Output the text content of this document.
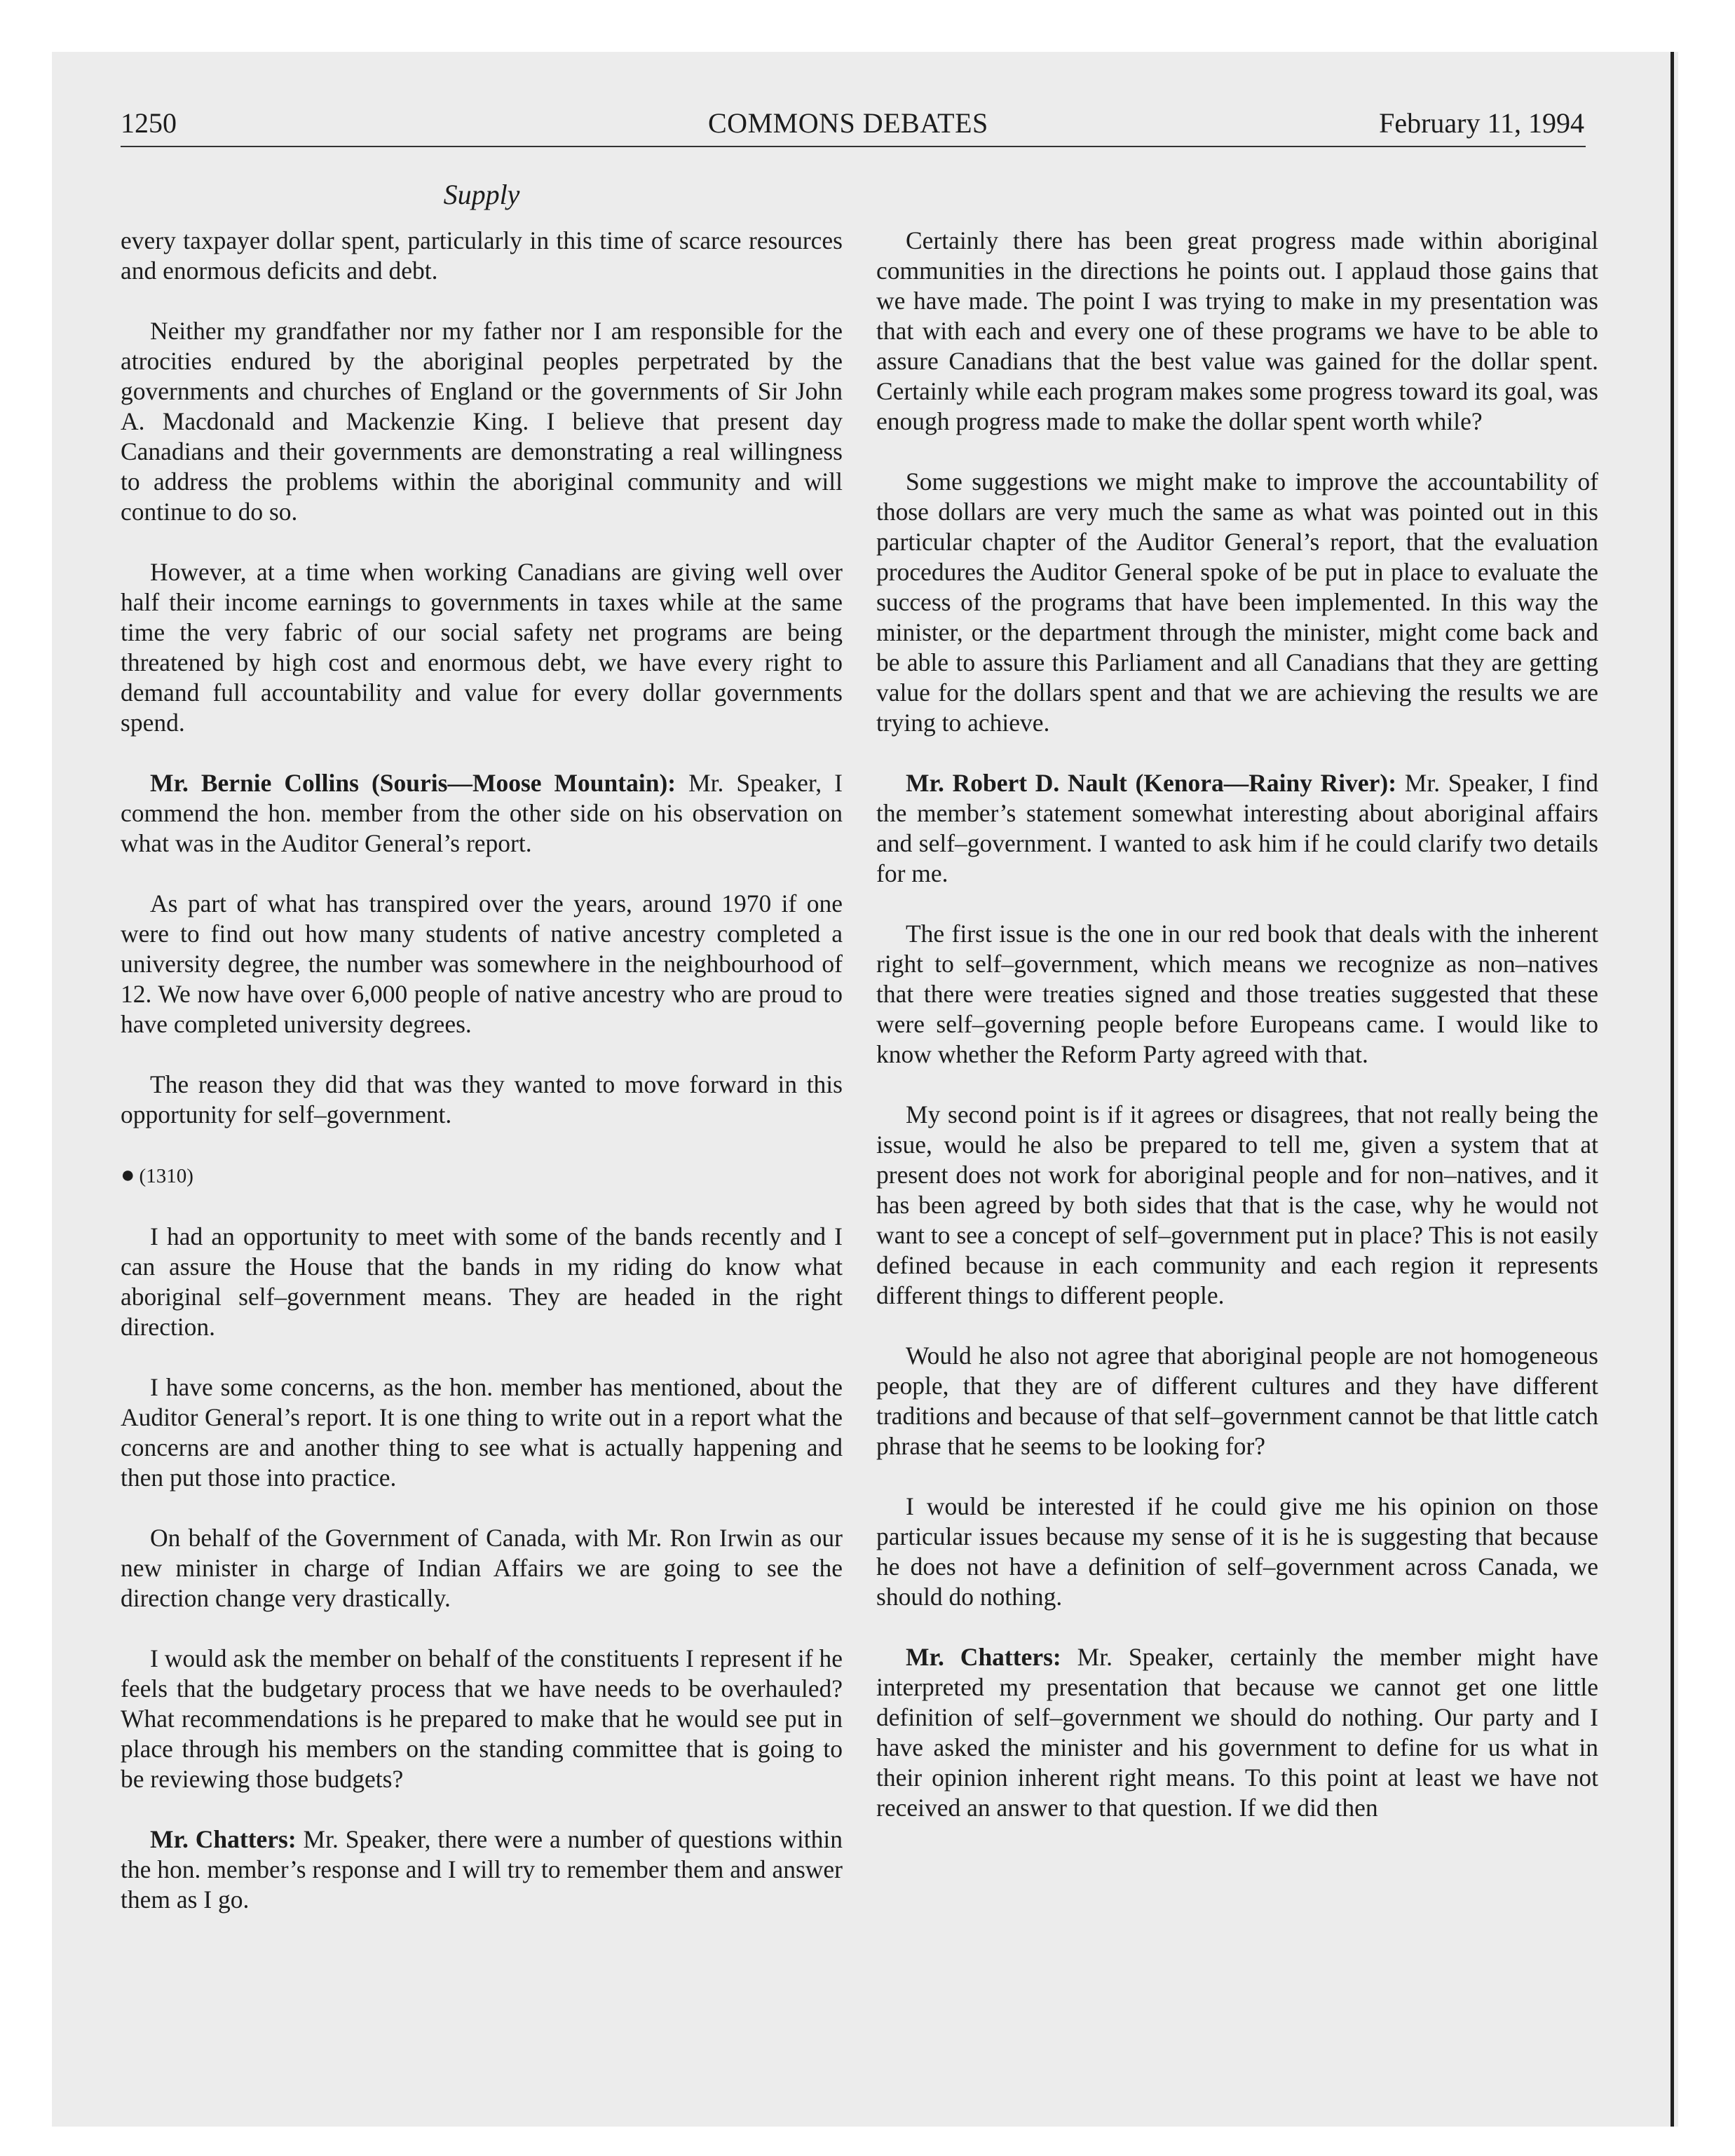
1250	COMMONS DEBATES	February 11, 1994
Supply

every taxpayer dollar spent, particularly in this time of scarce resources and enormous deficits and debt.

Neither my grandfather nor my father nor I am responsible for the atrocities endured by the aboriginal peoples perpetrated by the governments and churches of England or the governments of Sir John A. Macdonald and Mackenzie King. I believe that present day Canadians and their governments are demonstrating a real willingness to address the problems within the aboriginal community and will continue to do so.

However, at a time when working Canadians are giving well over half their income earnings to governments in taxes while at the same time the very fabric of our social safety net programs are being threatened by high cost and enormous debt, we have every right to demand full accountability and value for every dollar governments spend.

Mr. Bernie Collins (Souris—Moose Mountain): Mr. Speaker, I commend the hon. member from the other side on his observation on what was in the Auditor General’s report.

As part of what has transpired over the years, around 1970 if one were to find out how many students of native ancestry completed a university degree, the number was somewhere in the neighbourhood of 12. We now have over 6,000 people of native ancestry who are proud to have completed university degrees.

The reason they did that was they wanted to move forward in this opportunity for self–government.

● (1310)

I had an opportunity to meet with some of the bands recently and I can assure the House that the bands in my riding do know what aboriginal self–government means. They are headed in the right direction.

I have some concerns, as the hon. member has mentioned, about the Auditor General’s report. It is one thing to write out in a report what the concerns are and another thing to see what is actually happening and then put those into practice.

On behalf of the Government of Canada, with Mr. Ron Irwin as our new minister in charge of Indian Affairs we are going to see the direction change very drastically.

I would ask the member on behalf of the constituents I represent if he feels that the budgetary process that we have needs to be overhauled? What recommendations is he prepared to make that he would see put in place through his members on the standing committee that is going to be reviewing those budgets?

Mr. Chatters: Mr. Speaker, there were a number of questions within the hon. member’s response and I will try to remember them and answer them as I go.

Certainly there has been great progress made within aboriginal communities in the directions he points out. I applaud those gains that we have made. The point I was trying to make in my presentation was that with each and every one of these programs we have to be able to assure Canadians that the best value was gained for the dollar spent. Certainly while each program makes some progress toward its goal, was enough progress made to make the dollar spent worth while?

Some suggestions we might make to improve the accountability of those dollars are very much the same as what was pointed out in this particular chapter of the Auditor General’s report, that the evaluation procedures the Auditor General spoke of be put in place to evaluate the success of the programs that have been implemented. In this way the minister, or the department through the minister, might come back and be able to assure this Parliament and all Canadians that they are getting value for the dollars spent and that we are achieving the results we are trying to achieve.

Mr. Robert D. Nault (Kenora—Rainy River): Mr. Speaker, I find the member’s statement somewhat interesting about aboriginal affairs and self–government. I wanted to ask him if he could clarify two details for me.

The first issue is the one in our red book that deals with the inherent right to self–government, which means we recognize as non–natives that there were treaties signed and those treaties suggested that these were self–governing people before Europeans came. I would like to know whether the Reform Party agreed with that.

My second point is if it agrees or disagrees, that not really being the issue, would he also be prepared to tell me, given a system that at present does not work for aboriginal people and for non–natives, and it has been agreed by both sides that that is the case, why he would not want to see a concept of self–government put in place? This is not easily defined because in each community and each region it represents different things to different people.

Would he also not agree that aboriginal people are not homogeneous people, that they are of different cultures and they have different traditions and because of that self–government cannot be that little catch phrase that he seems to be looking for?

I would be interested if he could give me his opinion on those particular issues because my sense of it is he is suggesting that because he does not have a definition of self–government across Canada, we should do nothing.

Mr. Chatters: Mr. Speaker, certainly the member might have interpreted my presentation that because we cannot get one little definition of self–government we should do nothing. Our party and I have asked the minister and his government to define for us what in their opinion inherent right means. To this point at least we have not received an answer to that question. If we did then
